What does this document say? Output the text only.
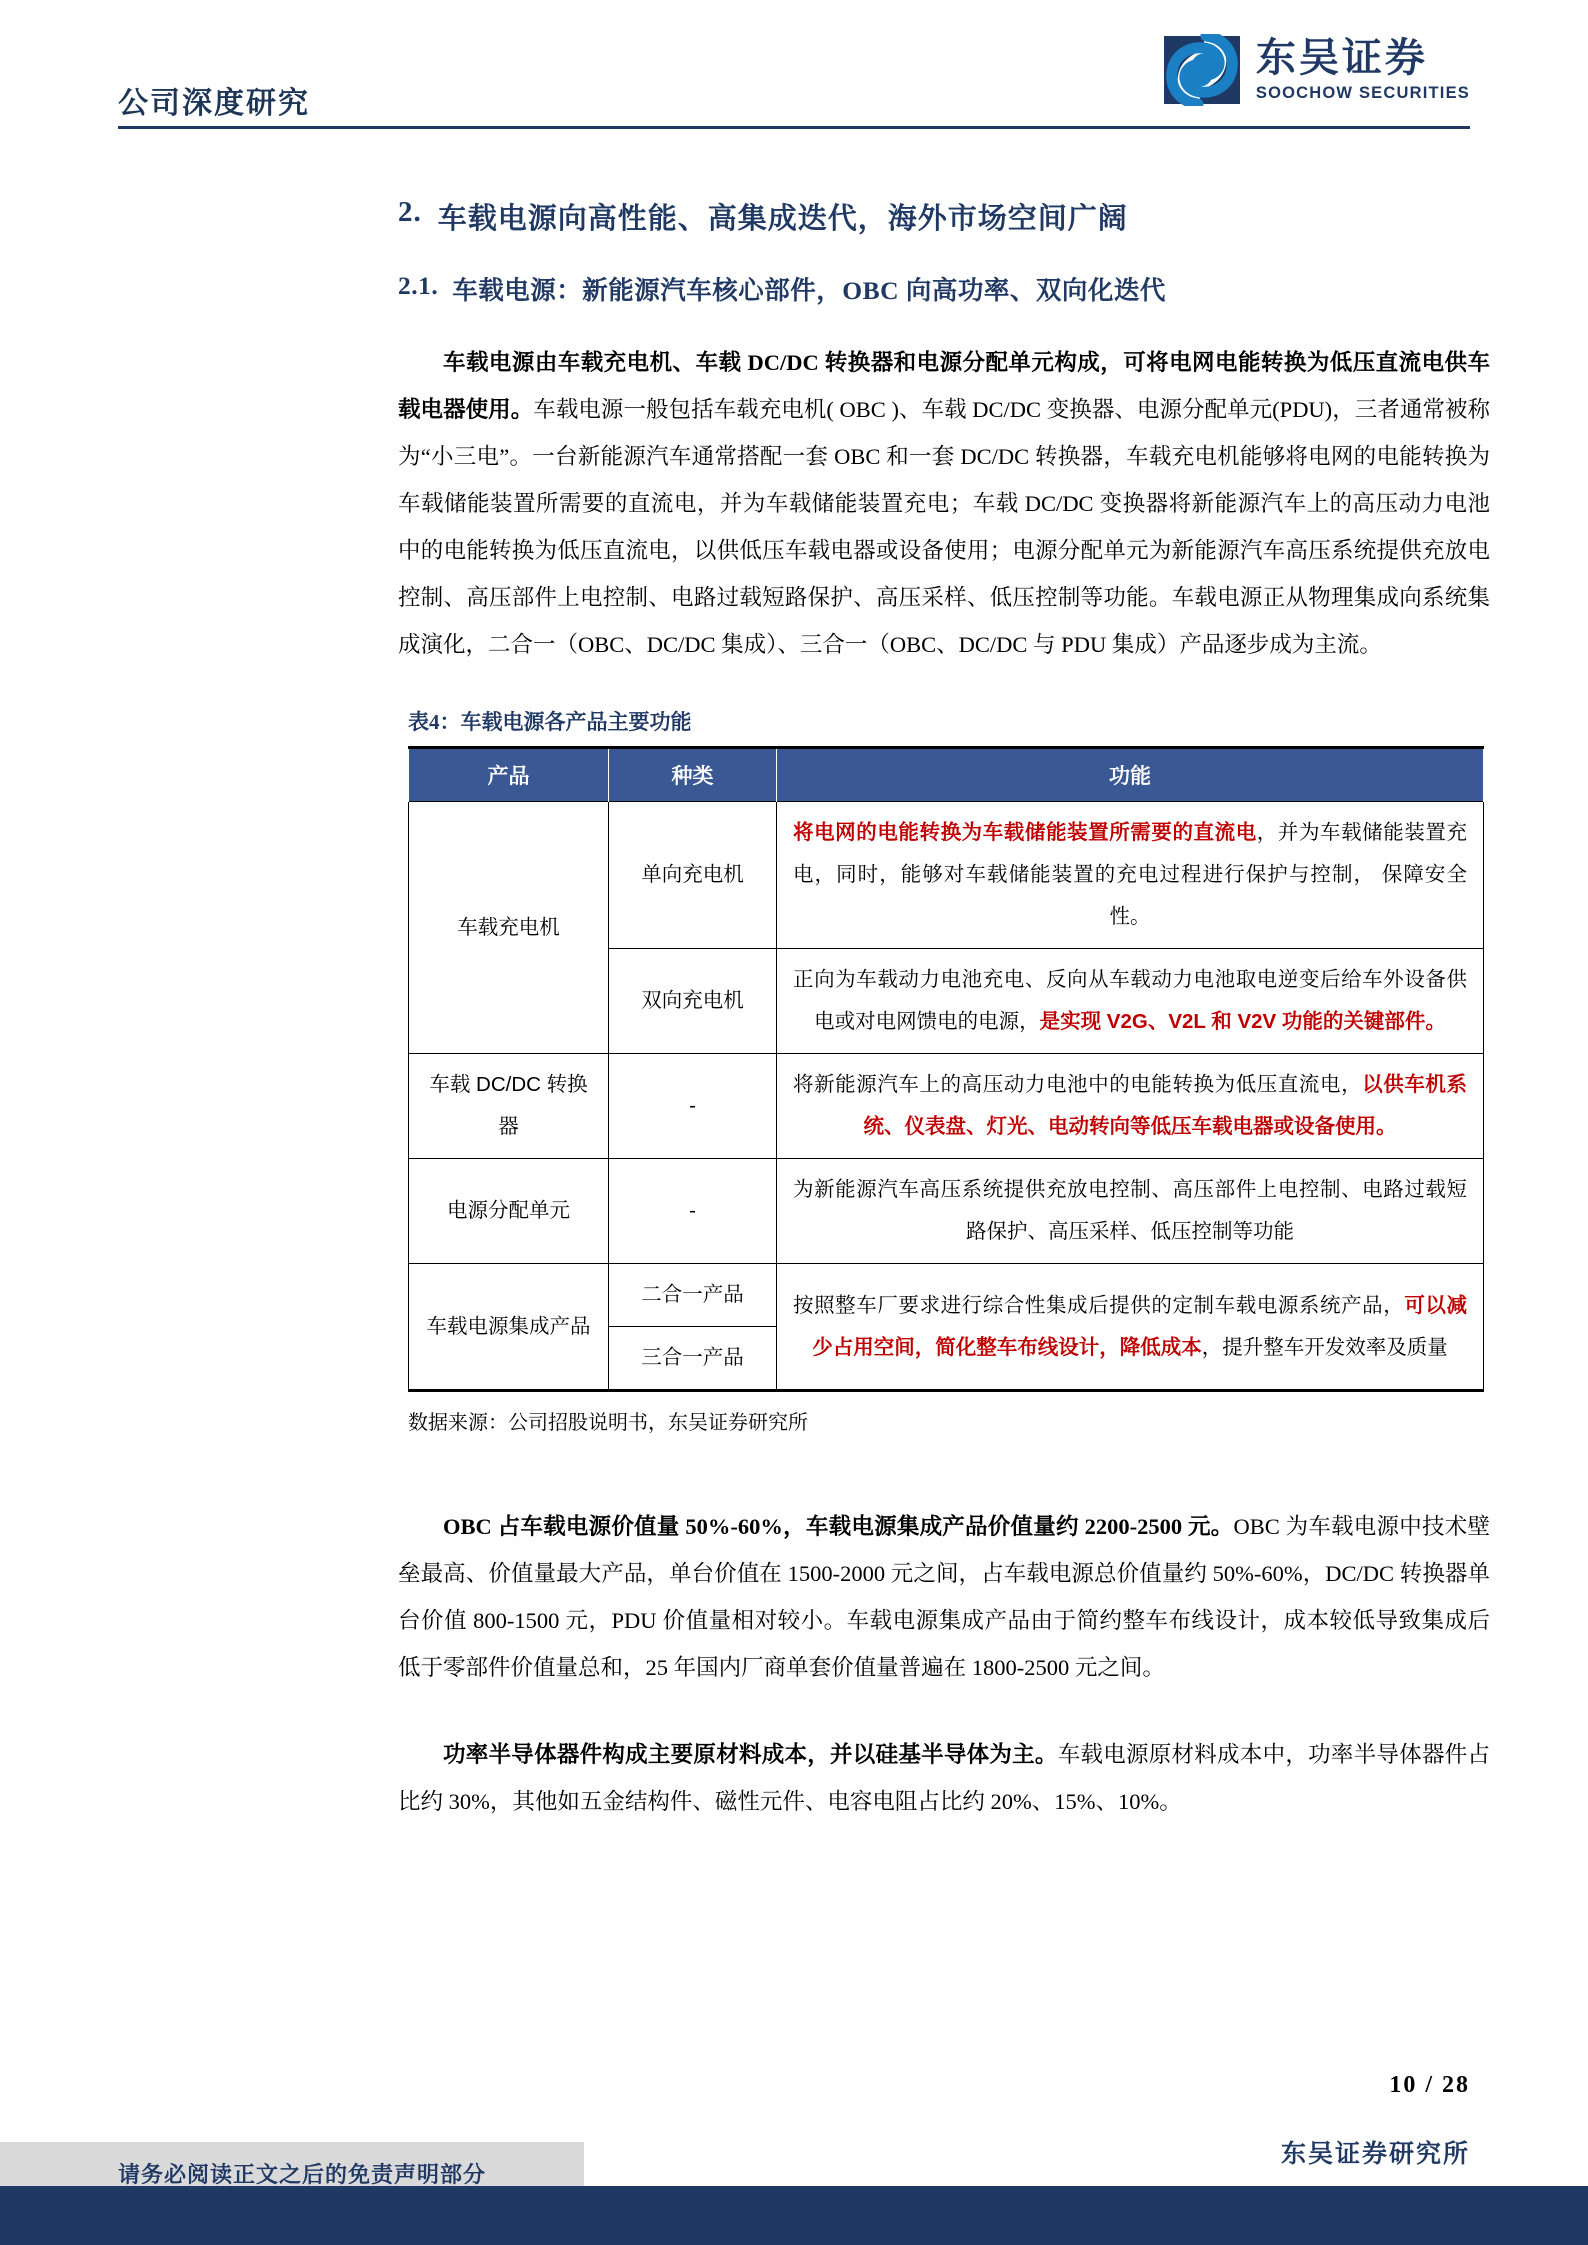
公司深度研究
东吴证券
SOOCHOW SECURITIES
2. 车载电源向高性能、高集成迭代，海外市场空间广阔
2.1. 车载电源：新能源汽车核心部件，OBC 向高功率、双向化迭代

车载电源由车载充电机、车载 DC/DC 转换器和电源分配单元构成，可将电网电能转换为低压直流电供车载电器使用。车载电源一般包括车载充电机( OBC )、车载 DC/DC 变换器、电源分配单元(PDU)，三者通常被称为“小三电”。一台新能源汽车通常搭配一套 OBC 和一套 DC/DC 转换器，车载充电机能够将电网的电能转换为车载储能装置所需要的直流电，并为车载储能装置充电；车载 DC/DC 变换器将新能源汽车上的高压动力电池中的电能转换为低压直流电，以供低压车载电器或设备使用；电源分配单元为新能源汽车高压系统提供充放电控制、高压部件上电控制、电路过载短路保护、高压采样、低压控制等功能。车载电源正从物理集成向系统集成演化，二合一（OBC、DC/DC 集成）、三合一（OBC、DC/DC 与 PDU 集成）产品逐步成为主流。

表4：车载电源各产品主要功能
产品	种类	功能
车载充电机	单向充电机	将电网的电能转换为车载储能装置所需要的直流电，并为车载储能装置充电，同时，能够对车载储能装置的充电过程进行保护与控制， 保障安全性。
	双向充电机	正向为车载动力电池充电、反向从车载动力电池取电逆变后给车外设备供电或对电网馈电的电源，是实现 V2G、V2L 和 V2V 功能的关键部件。
车载 DC/DC 转换器	-	将新能源汽车上的高压动力电池中的电能转换为低压直流电，以供车机系统、仪表盘、灯光、电动转向等低压车载电器或设备使用。
电源分配单元	-	为新能源汽车高压系统提供充放电控制、高压部件上电控制、电路过载短路保护、高压采样、低压控制等功能
车载电源集成产品	二合一产品	按照整车厂要求进行综合性集成后提供的定制车载电源系统产品，可以减少占用空间，简化整车布线设计，降低成本，提升整车开发效率及质量
	三合一产品	
数据来源：公司招股说明书，东吴证券研究所

OBC 占车载电源价值量 50%-60%，车载电源集成产品价值量约 2200-2500 元。OBC 为车载电源中技术壁垒最高、价值量最大产品，单台价值在 1500-2000 元之间，占车载电源总价值量约 50%-60%，DC/DC 转换器单台价值 800-1500 元，PDU 价值量相对较小。车载电源集成产品由于简约整车布线设计，成本较低导致集成后低于零部件价值量总和，25 年国内厂商单套价值量普遍在 1800-2500 元之间。

功率半导体器件构成主要原材料成本，并以硅基半导体为主。车载电源原材料成本中，功率半导体器件占比约 30%，其他如五金结构件、磁性元件、电容电阻占比约 20%、15%、10%。

10 / 28
东吴证券研究所
请务必阅读正文之后的免责声明部分
